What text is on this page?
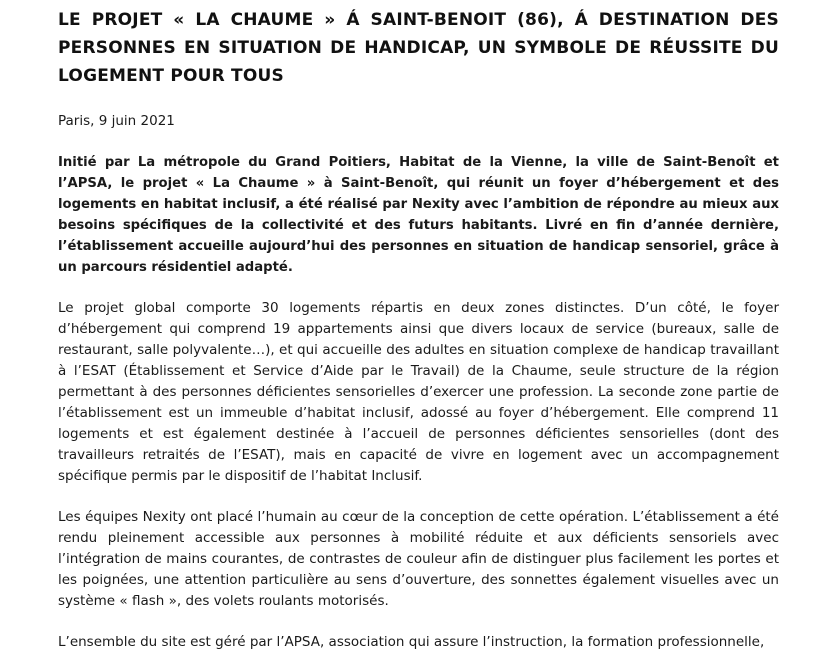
LE PROJET « LA CHAUME » Á SAINT-BENOIT (86), Á DESTINATION DES PERSONNES EN SITUATION DE HANDICAP, UN SYMBOLE DE RÉUSSITE DU LOGEMENT POUR TOUS

Paris, 9 juin 2021

Initié par La métropole du Grand Poitiers, Habitat de la Vienne, la ville de Saint-Benoît et l’APSA, le projet « La Chaume » à Saint-Benoît, qui réunit un foyer d’hébergement et des logements en habitat inclusif, a été réalisé par Nexity avec l’ambition de répondre au mieux aux besoins spécifiques de la collectivité et des futurs habitants. Livré en fin d’année dernière, l’établissement accueille aujourd’hui des personnes en situation de handicap sensoriel, grâce à un parcours résidentiel adapté.

Le projet global comporte 30 logements répartis en deux zones distinctes. D’un côté, le foyer d’hébergement qui comprend 19 appartements ainsi que divers locaux de service (bureaux, salle de restaurant, salle polyvalente…), et qui accueille des adultes en situation complexe de handicap travaillant à l’ESAT (Établissement et Service d’Aide par le Travail) de la Chaume, seule structure de la région permettant à des personnes déficientes sensorielles d’exercer une profession. La seconde zone partie de l’établissement est un immeuble d’habitat inclusif, adossé au foyer d’hébergement. Elle comprend 11 logements et est également destinée à l’accueil de personnes déficientes sensorielles (dont des travailleurs retraités de l’ESAT), mais en capacité de vivre en logement avec un accompagnement spécifique permis par le dispositif de l’habitat Inclusif.

Les équipes Nexity ont placé l’humain au cœur de la conception de cette opération. L’établissement a été rendu pleinement accessible aux personnes à mobilité réduite et aux déficients sensoriels avec l’intégration de mains courantes, de contrastes de couleur afin de distinguer plus facilement les portes et les poignées, une attention particulière au sens d’ouverture, des sonnettes également visuelles avec un système « flash », des volets roulants motorisés.

L’ensemble du site est géré par l’APSA, association qui assure l’instruction, la formation professionnelle,
